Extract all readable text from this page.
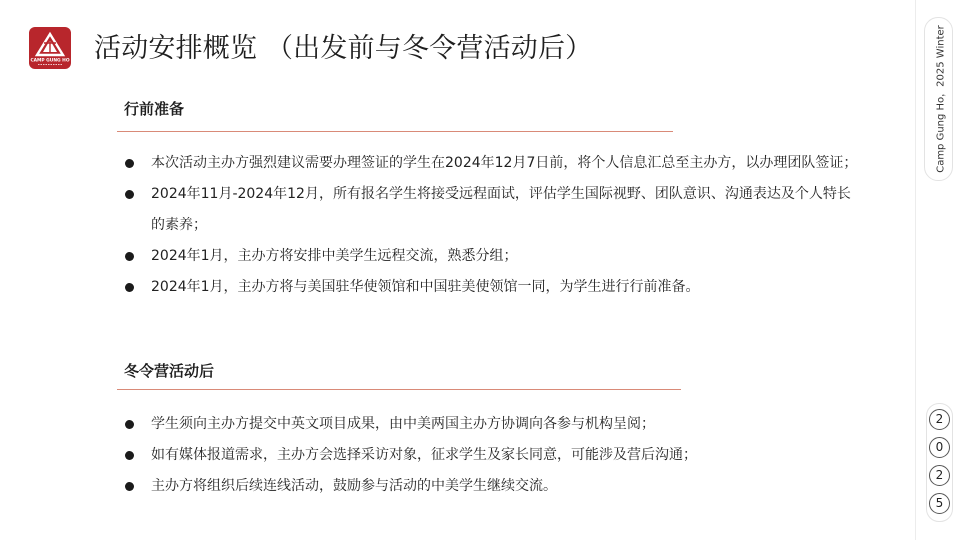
CAMP GUNG HO 活动安排概览 （出发前与冬令营活动后）
行前准备
本次活动主办方强烈建议需要办理签证的学生在2024年12月7日前，将个人信息汇总至主办方，以办理团队签证；
2024年11月-2024年12月，所有报名学生将接受远程面试，评估学生国际视野、团队意识、沟通表达及个人特长的素养；
2024年1月，主办方将安排中美学生远程交流，熟悉分组；
2024年1月，主办方将与美国驻华使领馆和中国驻美使领馆一同，为学生进行行前准备。
冬令营活动后
学生须向主办方提交中英文项目成果，由中美两国主办方协调向各参与机构呈阅；
如有媒体报道需求，主办方会选择采访对象，征求学生及家长同意，可能涉及营后沟通；
主办方将组织后续连线活动，鼓励参与活动的中美学生继续交流。
Camp Gung Ho，2025 Winter
2
0
2
5
